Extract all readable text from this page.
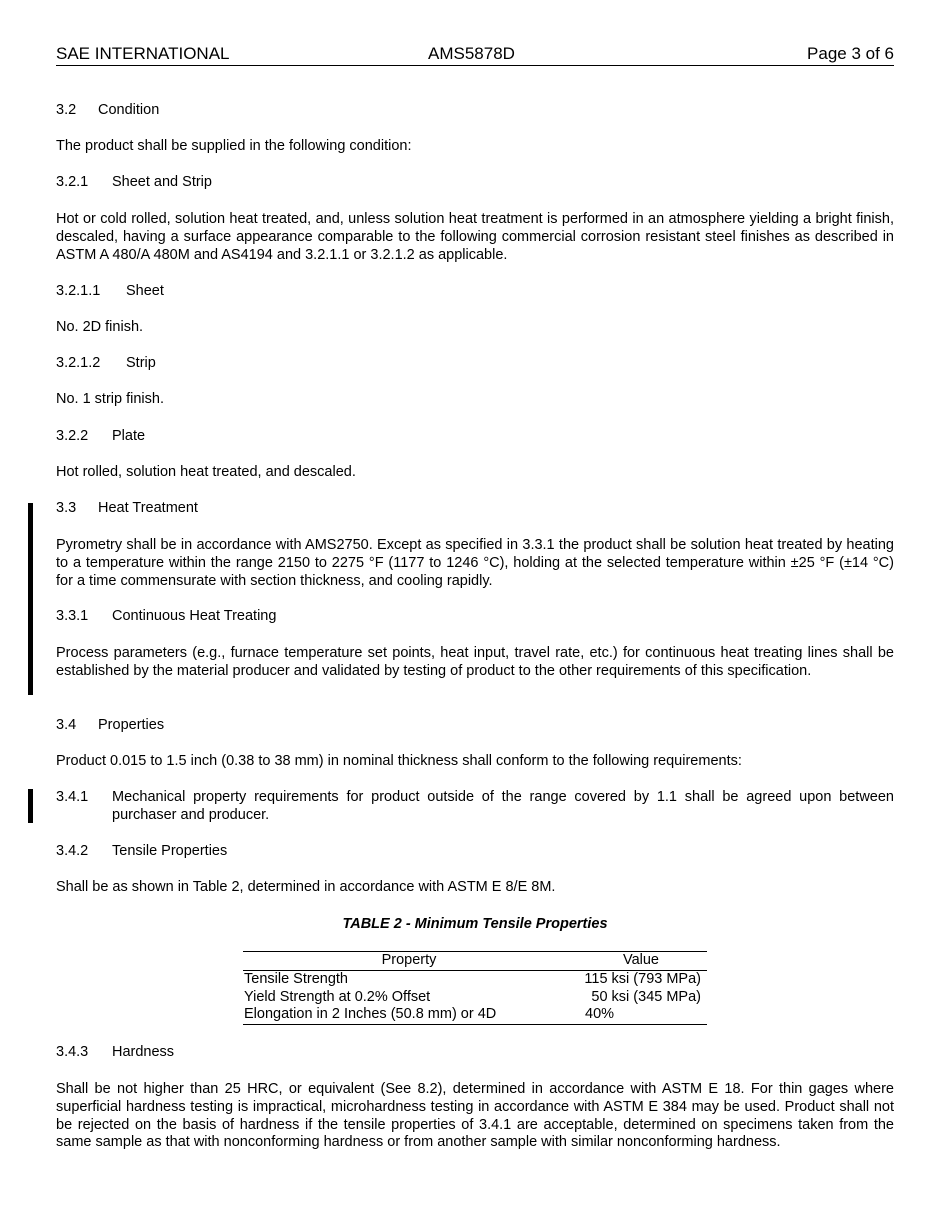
SAE INTERNATIONAL	AMS5878D	Page 3 of 6
3.2 Condition
The product shall be supplied in the following condition:
3.2.1 Sheet and Strip
Hot or cold rolled, solution heat treated, and, unless solution heat treatment is performed in an atmosphere yielding a bright finish, descaled, having a surface appearance comparable to the following commercial corrosion resistant steel finishes as described in ASTM A 480/A 480M and AS4194 and 3.2.1.1 or 3.2.1.2 as applicable.
3.2.1.1 Sheet
No. 2D finish.
3.2.1.2 Strip
No. 1 strip finish.
3.2.2 Plate
Hot rolled, solution heat treated, and descaled.
3.3 Heat Treatment
Pyrometry shall be in accordance with AMS2750. Except as specified in 3.3.1 the product shall be solution heat treated by heating to a temperature within the range 2150 to 2275 °F (1177 to 1246 °C), holding at the selected temperature within ±25 °F (±14 °C) for a time commensurate with section thickness, and cooling rapidly.
3.3.1 Continuous Heat Treating
Process parameters (e.g., furnace temperature set points, heat input, travel rate, etc.) for continuous heat treating lines shall be established by the material producer and validated by testing of product to the other requirements of this specification.
3.4 Properties
Product 0.015 to 1.5 inch (0.38 to 38 mm) in nominal thickness shall conform to the following requirements:
3.4.1 Mechanical property requirements for product outside of the range covered by 1.1 shall be agreed upon between purchaser and producer.
3.4.2 Tensile Properties
Shall be as shown in Table 2, determined in accordance with ASTM E 8/E 8M.
TABLE 2 - Minimum Tensile Properties
Property	Value
Tensile Strength	115 ksi (793 MPa)
Yield Strength at 0.2% Offset	50 ksi (345 MPa)
Elongation in 2 Inches (50.8 mm) or 4D	40%
3.4.3 Hardness
Shall be not higher than 25 HRC, or equivalent (See 8.2), determined in accordance with ASTM E 18. For thin gages where superficial hardness testing is impractical, microhardness testing in accordance with ASTM E 384 may be used. Product shall not be rejected on the basis of hardness if the tensile properties of 3.4.1 are acceptable, determined on specimens taken from the same sample as that with nonconforming hardness or from another sample with similar nonconforming hardness.
